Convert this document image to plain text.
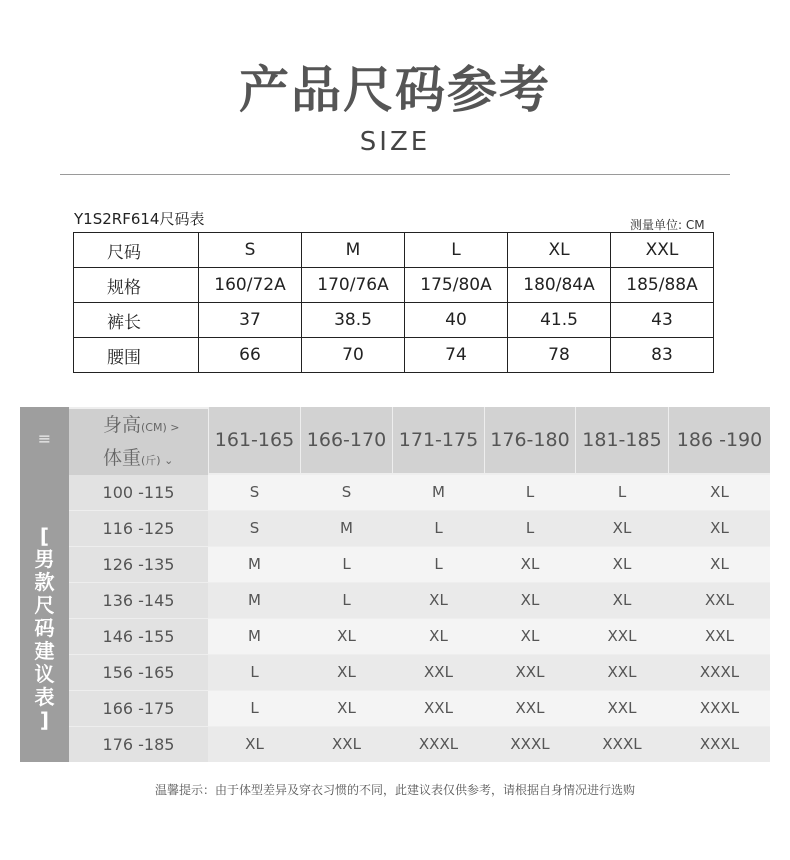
产品尺码参考
SIZE
Y1S2RF614尺码表	测量单位: CM
尺码	S	M	L	XL	XXL
规格	160/72A	170/76A	175/80A	180/84A	185/88A
裤长	37	38.5	40	41.5	43
腰围	66	70	74	78	83
≡
[
男
款
尺
码
建
议
表
]
身高(CM) >
体重(斤) ⌄
161-165 166-170 171-175 176-180 181-185 186 -190
100 -115	S	S	M	L	L	XL
116 -125	S	M	L	L	XL	XL
126 -135	M	L	L	XL	XL	XL
136 -145	M	L	XL	XL	XL	XXL
146 -155	M	XL	XL	XL	XXL	XXL
156 -165	L	XL	XXL	XXL	XXL	XXXL
166 -175	L	XL	XXL	XXL	XXL	XXXL
176 -185	XL	XXL	XXXL	XXXL	XXXL	XXXL
温馨提示：由于体型差异及穿衣习惯的不同，此建议表仅供参考，请根据自身情况进行选购
